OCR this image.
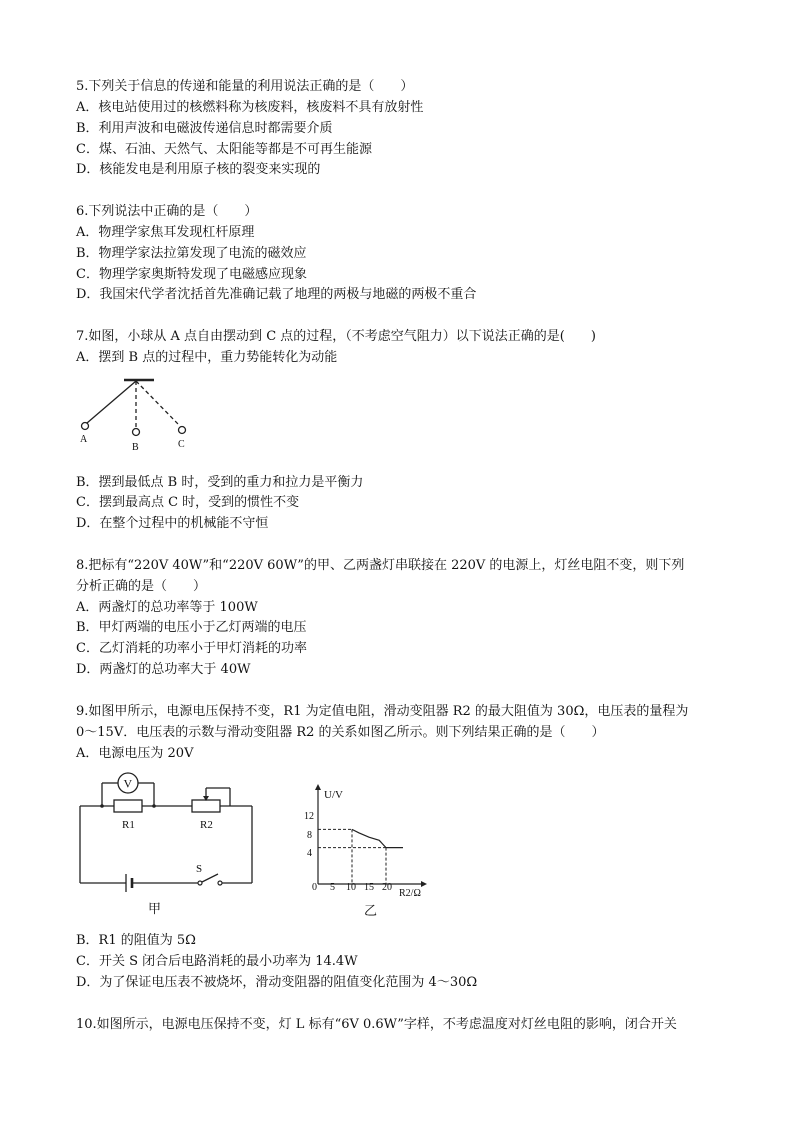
5.下列关于信息的传递和能量的利用说法正确的是（　　）
A．核电站使用过的核燃料称为核废料，核废料不具有放射性
B．利用声波和电磁波传递信息时都需要介质
C．煤、石油、天然气、太阳能等都是不可再生能源
D．核能发电是利用原子核的裂变来实现的
6.下列说法中正确的是（　　）
A．物理学家焦耳发现杠杆原理
B．物理学家法拉第发现了电流的磁效应
C．物理学家奥斯特发现了电磁感应现象
D．我国宋代学者沈括首先准确记载了地理的两极与地磁的两极不重合
7.如图，小球从 A 点自由摆动到 C 点的过程，（不考虑空气阻力）以下说法正确的是(　　)
A．摆到 B 点的过程中，重力势能转化为动能
A
B	C
B．摆到最低点 B 时，受到的重力和拉力是平衡力
C．摆到最高点 C 时，受到的惯性不变
D．在整个过程中的机械能不守恒
8.把标有“220V 40W”和“220V 60W”的甲、乙两盏灯串联接在 220V 的电源上，灯丝电阻不变，则下列
分析正确的是（　　）
A．两盏灯的总功率等于 100W
B．甲灯两端的电压小于乙灯两端的电压
C．乙灯消耗的功率小于甲灯消耗的功率
D．两盏灯的总功率大于 40W
9.如图甲所示，电源电压保持不变，R1 为定值电阻，滑动变阻器 R2 的最大阻值为 30Ω，电压表的量程为
0～15V．电压表的示数与滑动变阻器 R2 的关系如图乙所示。则下列结果正确的是（　　）
A．电源电压为 20V
V
R1	R2
S
甲
U/V
R2/Ω
12
8
4
0 5 10 15 20
乙
B．R1 的阻值为 5Ω
C．开关 S 闭合后电路消耗的最小功率为 14.4W
D．为了保证电压表不被烧坏，滑动变阻器的阻值变化范围为 4～30Ω
10.如图所示，电源电压保持不变，灯 L 标有“6V 0.6W”字样，不考虑温度对灯丝电阻的影响，闭合开关
